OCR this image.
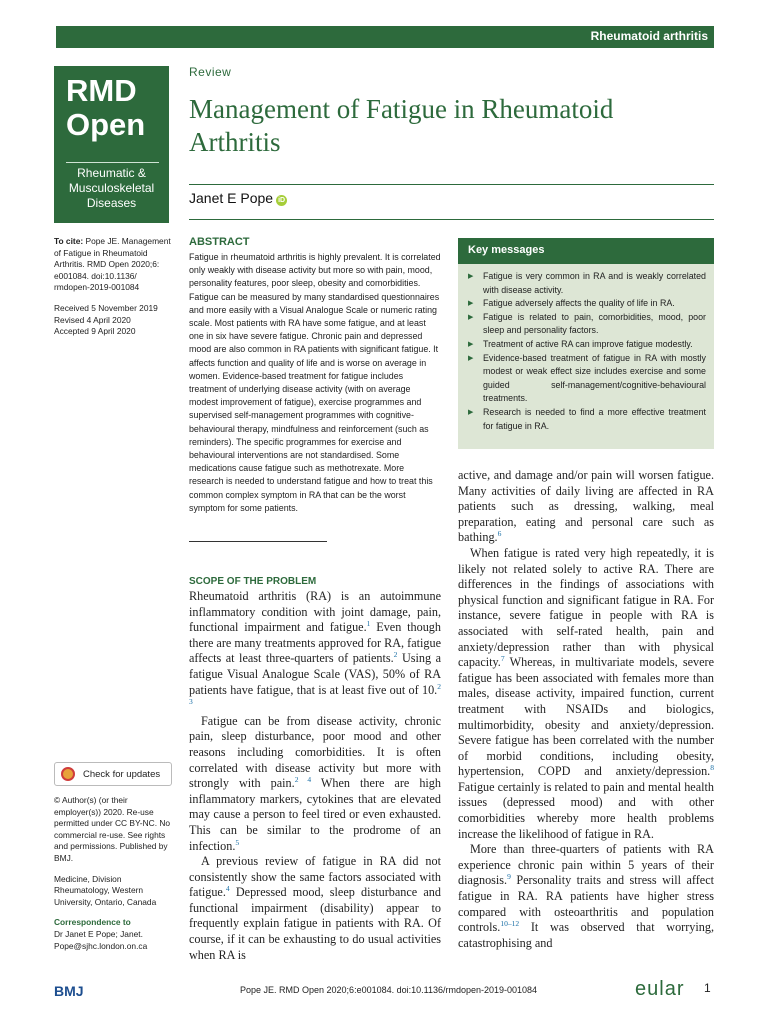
Rheumatoid arthritis
RMD
Open
Rheumatic & Musculoskeletal Diseases
Review
Management of Fatigue in Rheumatoid Arthritis
Janet E Pope iD

To cite: Pope JE. Management of Fatigue in Rheumatoid Arthritis. RMD Open 2020;6: e001084. doi:10.1136/ rmdopen-2019-001084

Received 5 November 2019
Revised 4 April 2020
Accepted 9 April 2020

Check for updates

© Author(s) (or their employer(s)) 2020. Re-use permitted under CC BY-NC. No commercial re-use. See rights and permissions. Published by BMJ.

Medicine, Division Rheumatology, Western University, Ontario, Canada

Correspondence to
Dr Janet E Pope; Janet. Pope@sjhc.london.on.ca

ABSTRACT
Fatigue in rheumatoid arthritis is highly prevalent. It is correlated only weakly with disease activity but more so with pain, mood, personality features, poor sleep, obesity and comorbidities. Fatigue can be measured by many standardised questionnaires and more easily with a Visual Analogue Scale or numeric rating scale. Most patients with RA have some fatigue, and at least one in six have severe fatigue. Chronic pain and depressed mood are also common in RA patients with significant fatigue. It affects function and quality of life and is worse on average in women. Evidence-based treatment for fatigue includes treatment of underlying disease activity (with on average modest improvement of fatigue), exercise programmes and supervised self-management programmes with cognitive-behavioural therapy, mindfulness and reinforcement (such as reminders). The specific programmes for exercise and behavioural interventions are not standardised. Some medications cause fatigue such as methotrexate. More research is needed to understand fatigue and how to treat this common complex symptom in RA that can be the worst symptom for some patients.
Key messages
▶ Fatigue is very common in RA and is weakly correlated with disease activity.
▶ Fatigue adversely affects the quality of life in RA.
▶ Fatigue is related to pain, comorbidities, mood, poor sleep and personality factors.
▶ Treatment of active RA can improve fatigue modestly.
▶ Evidence-based treatment of fatigue in RA with mostly modest or weak effect size includes exercise and some guided self-management/cognitive-behavioural treatments.
▶ Research is needed to find a more effective treatment for fatigue in RA.
SCOPE OF THE PROBLEM

Rheumatoid arthritis (RA) is an autoimmune inflammatory condition with joint damage, pain, functional impairment and fatigue.$^1$ Even though there are many treatments approved for RA, fatigue affects at least three-quarters of patients.$^2$ Using a fatigue Visual Analogue Scale (VAS), 50% of RA patients have fatigue, that is at least five out of 10.$^{2 3}$

Fatigue can be from disease activity, chronic pain, sleep disturbance, poor mood and other reasons including comorbidities. It is often correlated with disease activity but more with strongly with pain.$^{2 4}$ When there are high inflammatory markers, cytokines that are elevated may cause a person to feel tired or even exhausted. This can be similar to the prodrome of an infection.$^5$

A previous review of fatigue in RA did not consistently show the same factors associated with fatigue.$^4$ Depressed mood, sleep disturbance and functional impairment (disability) appear to frequently explain fatigue in patients with RA. Of course, if it can be exhausting to do usual activities when RA is

active, and damage and/or pain will worsen fatigue. Many activities of daily living are affected in RA patients such as dressing, walking, meal preparation, eating and personal care such as bathing.$^6$

When fatigue is rated very high repeatedly, it is likely not related solely to active RA. There are differences in the findings of associations with physical function and significant fatigue in RA. For instance, severe fatigue in people with RA is associated with self-rated health, pain and anxiety/depression rather than with physical capacity.$^7$ Whereas, in multivariate models, severe fatigue has been associated with females more than males, disease activity, impaired function, current treatment with NSAIDs and biologics, multimorbidity, obesity and anxiety/depression. Severe fatigue has been correlated with the number of morbid conditions, including obesity, hypertension, COPD and anxiety/depression.$^8$ Fatigue certainly is related to pain and mental health issues (depressed mood) and with other comorbidities whereby more health problems increase the likelihood of fatigue in RA.

More than three-quarters of patients with RA experience chronic pain within 5 years of their diagnosis.$^9$ Personality traits and stress will affect fatigue in RA. RA patients have higher stress compared with osteoarthritis and population controls.$^{10-12}$ It was observed that worrying, catastrophising and

BMJ	Pope JE. RMD Open 2020;6:e001084. doi:10.1136/rmdopen-2019-001084	eular 1
